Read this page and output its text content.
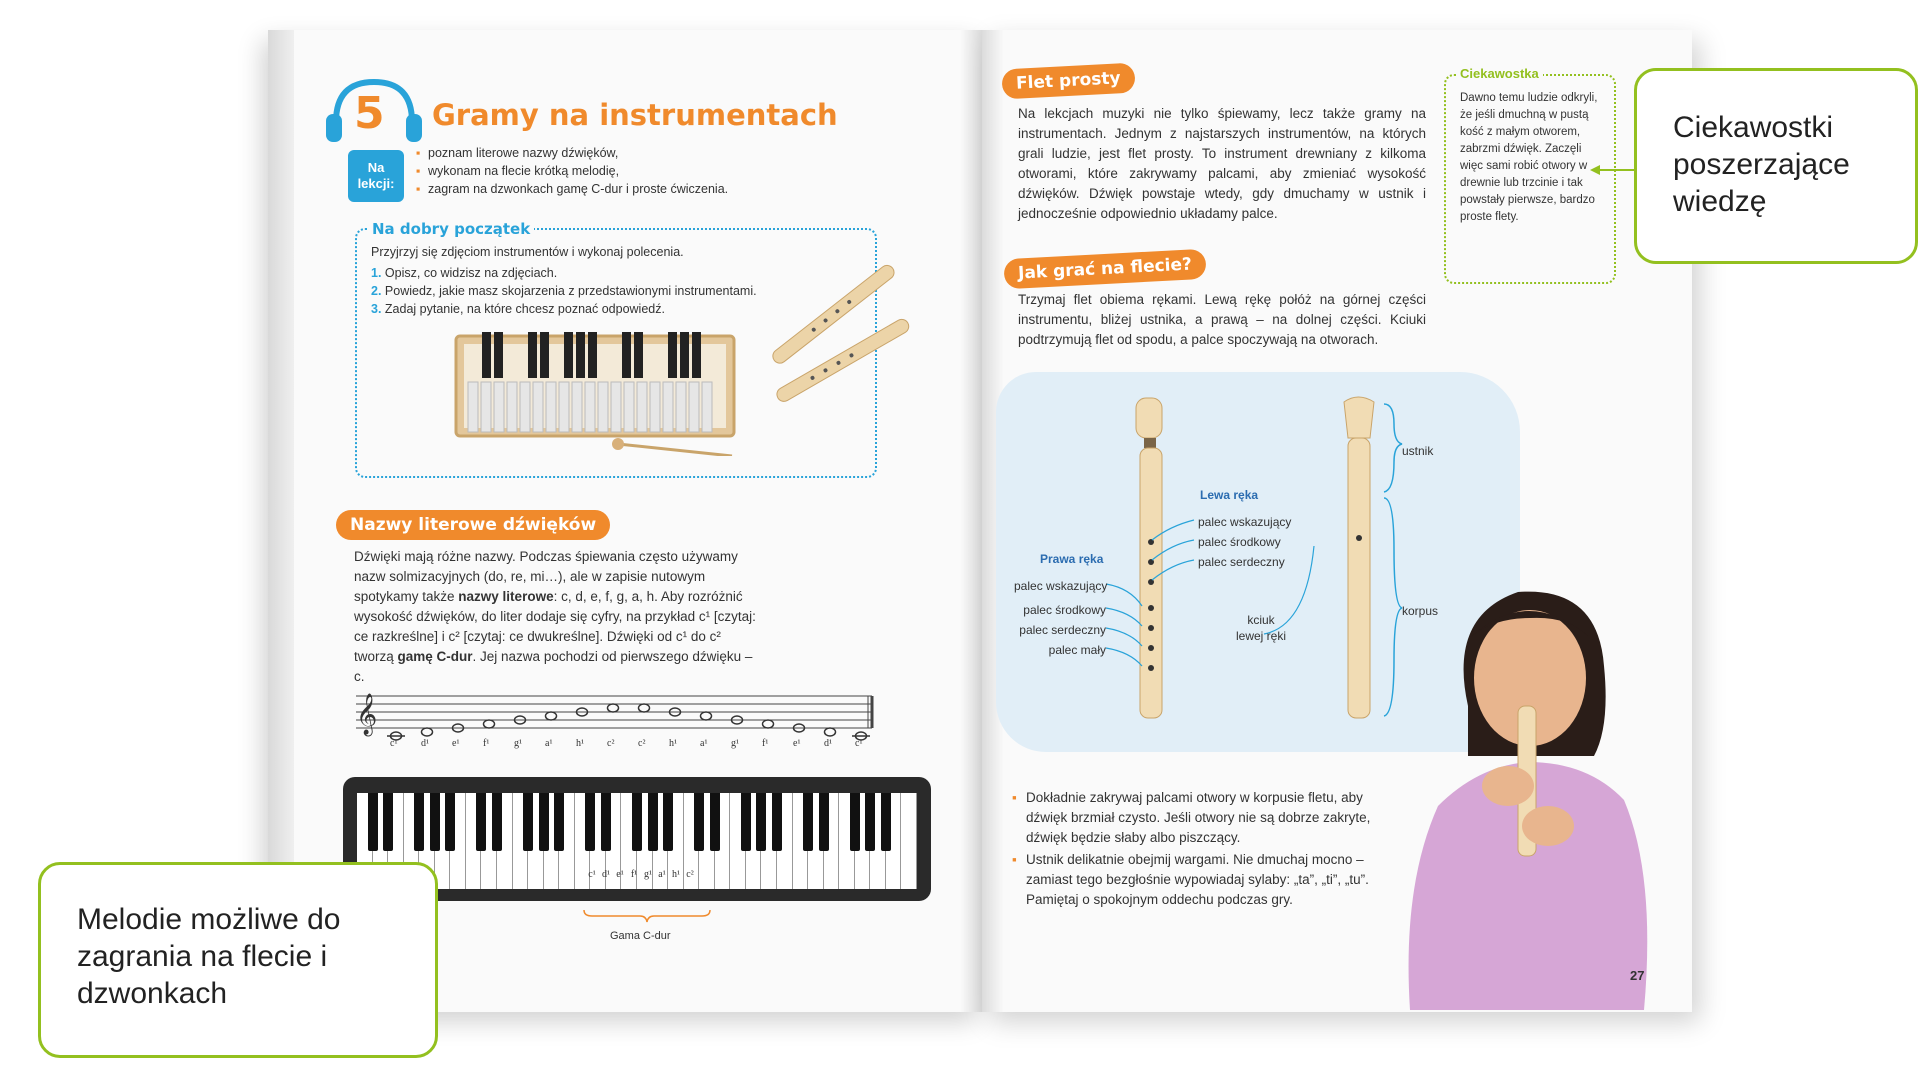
5 Gramy na instrumentach
Na lekcji:
▪ poznam literowe nazwy dźwięków,
▪ wykonam na flecie krótką melodię,
▪ zagram na dzwonkach gamę C-dur i proste ćwiczenia.
Na dobry początek
Przyjrzyj się zdjęciom instrumentów i wykonaj polecenia.
1. Opisz, co widzisz na zdjęciach.
2. Powiedz, jakie masz skojarzenia z przedstawionymi instrumentami.
3. Zadaj pytanie, na które chcesz poznać odpowiedź.
Nazwy literowe dźwięków
Dźwięki mają różne nazwy. Podczas śpiewania często używamy nazw solmizacyjnych (do, re, mi…), ale w zapisie nutowym spotykamy także nazwy literowe: c, d, e, f, g, a, h. Aby rozróżnić wysokość dźwięków, do liter dodaje się cyfry, na przykład c¹ [czytaj: ce razkreślne] i c² [czytaj: ce dwukreślne]. Dźwięki od c¹ do c² tworzą gamę C-dur. Jej nazwa pochodzi od pierwszego dźwięku – c.
𝄞
c¹ d¹ e¹ f¹ g¹ a¹ h¹ c² c² h¹ a¹ g¹ f¹ e¹ d¹ c¹
c¹ d¹ e¹ f¹ g¹ a¹ h¹ c²
Gama C-dur
Flet prosty
Na lekcjach muzyki nie tylko śpiewamy, lecz także gramy na instrumentach. Jednym z najstarszych instrumentów, na których grali ludzie, jest flet prosty. To instrument drewniany z kilkoma otworami, które zakrywamy palcami, aby zmieniać wysokość dźwięków. Dźwięk powstaje wtedy, gdy dmuchamy w ustnik i jednocześnie odpowiednio układamy palce.
Ciekawostka
Dawno temu ludzie odkryli, że jeśli dmuchną w pustą kość z małym otworem, zabrzmi dźwięk. Zaczęli więc sami robić otwory w drewnie lub trzcinie i tak powstały pierwsze, bardzo proste flety.
Jak grać na flecie?
Trzymaj flet obiema rękami. Lewą rękę połóż na górnej części instrumentu, bliżej ustnika, a prawą – na dolnej części. Kciuki podtrzymują flet od spodu, a palce spoczywają na otworach.
Lewa ręka
palec wskazujący
palec środkowy
palec serdeczny
Prawa ręka
palec wskazujący
palec środkowy
palec serdeczny
palec mały
kciuk
lewej ręki
ustnik
korpus
▪ Dokładnie zakrywaj palcami otwory w korpusie fletu, aby dźwięk brzmiał czysto. Jeśli otwory nie są dobrze zakryte, dźwięk będzie słaby albo piszczący.
▪ Ustnik delikatnie obejmij wargami. Nie dmuchaj mocno – zamiast tego bezgłośnie wypowiadaj sylaby: „ta”, „ti”, „tu”.
Pamiętaj o spokojnym oddechu podczas gry.
27
Ciekawostki poszerzające wiedzę
Melodie możliwe do zagrania na flecie i dzwonkach
